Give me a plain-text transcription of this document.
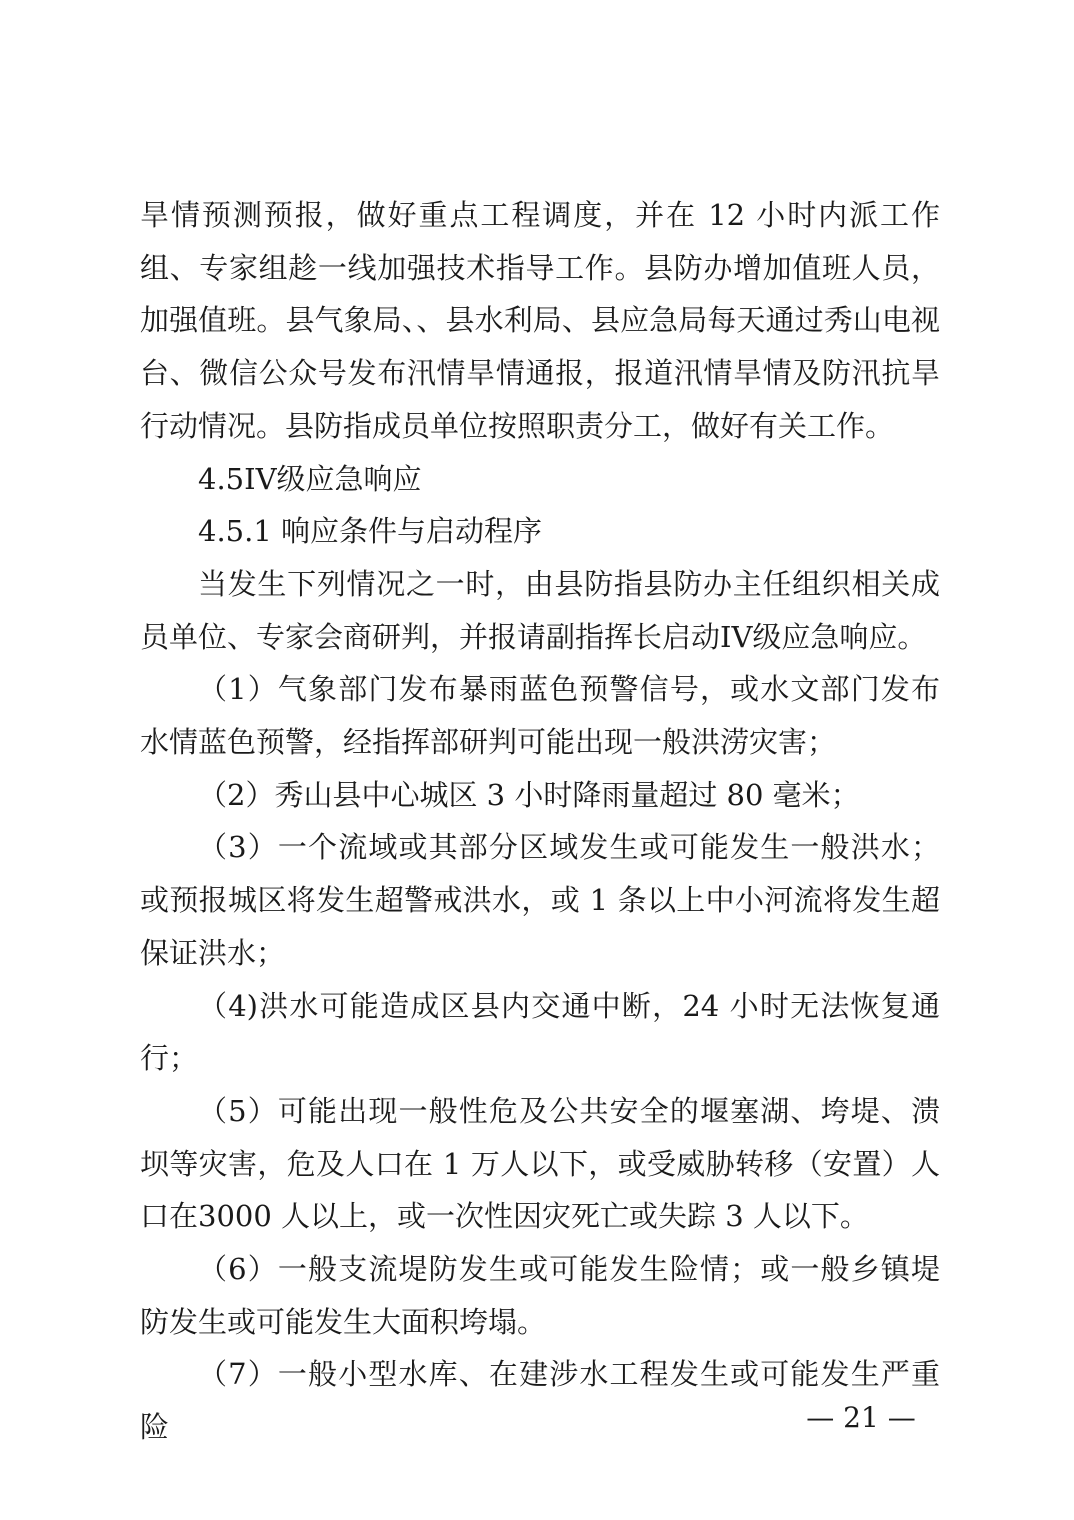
旱情预测预报，做好重点工程调度，并在 12 小时内派工作组、专家组趁一线加强技术指导工作。县防办增加值班人员，加强值班。县气象局、、县水利局、县应急局每天通过秀山电视台、微信公众号发布汛情旱情通报，报道汛情旱情及防汛抗旱行动情况。县防指成员单位按照职责分工，做好有关工作。

4.5IV级应急响应

4.5.1 响应条件与启动程序

当发生下列情况之一时，由县防指县防办主任组织相关成员单位、专家会商研判，并报请副指挥长启动IV级应急响应。

（1）气象部门发布暴雨蓝色预警信号，或水文部门发布水情蓝色预警，经指挥部研判可能出现一般洪涝灾害；

（2）秀山县中心城区 3 小时降雨量超过 80 毫米；

（3）一个流域或其部分区域发生或可能发生一般洪水；或预报城区将发生超警戒洪水，或 1 条以上中小河流将发生超保证洪水；

（4)洪水可能造成区县内交通中断，24 小时无法恢复通行；

（5）可能出现一般性危及公共安全的堰塞湖、垮堤、溃坝等灾害，危及人口在 1 万人以下，或受威胁转移（安置）人口在3000 人以上，或一次性因灾死亡或失踪 3 人以下。

（6）一般支流堤防发生或可能发生险情；或一般乡镇堤防发生或可能发生大面积垮塌。

（7）一般小型水库、在建涉水工程发生或可能发生严重险	— 21 —
